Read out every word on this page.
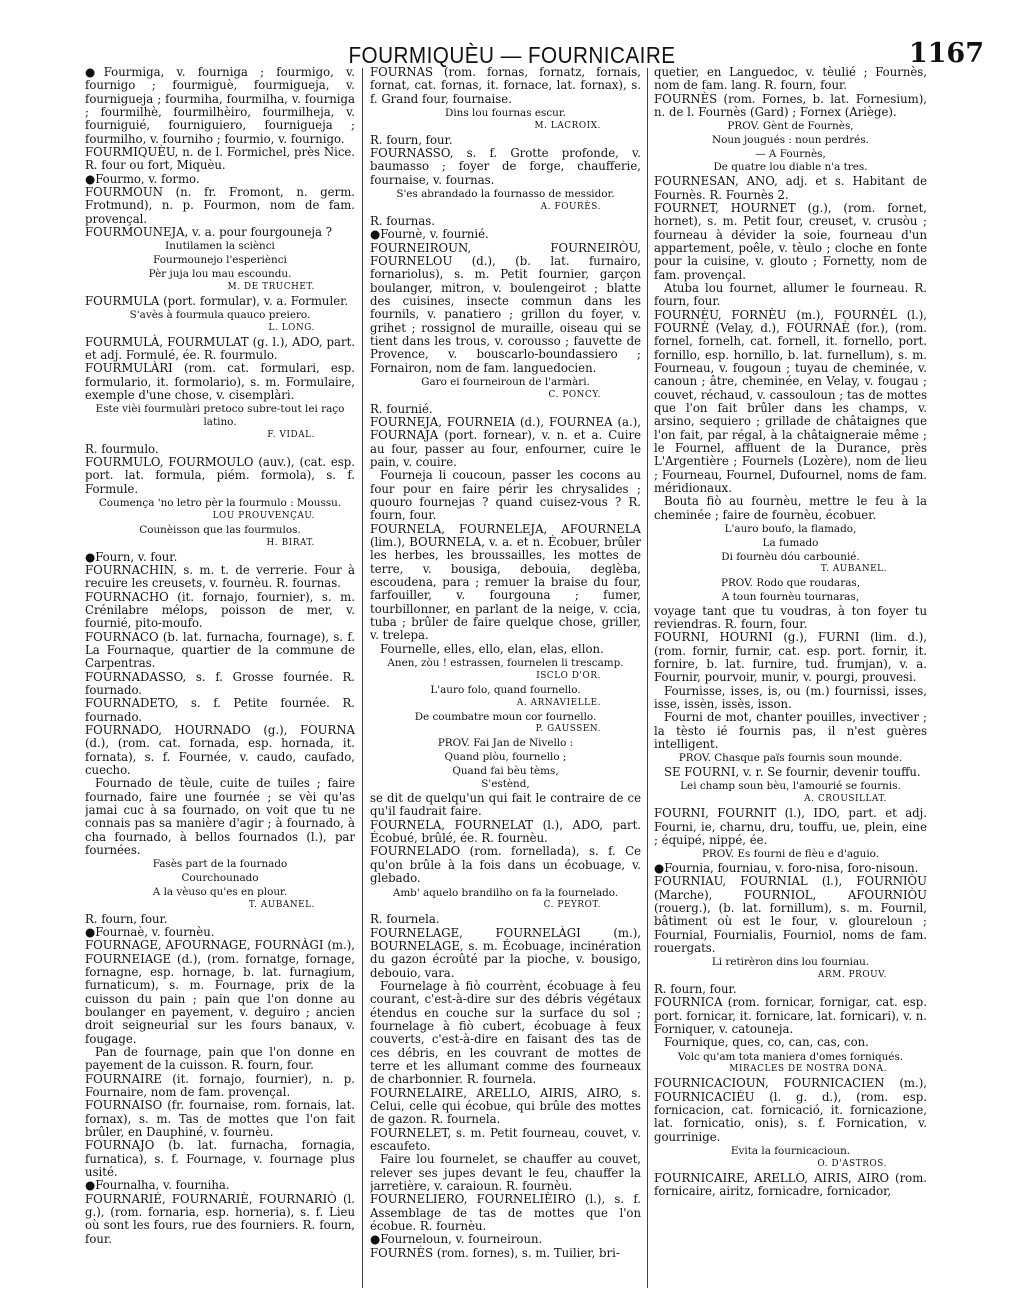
FOURMIQUÈU — FOURNICAIRE	1167
●Fourmiga, v. fourniga ; fourmigo, v. fournigo ; fourmiguè, fourmigueja, v. fournigueja ; fourmiha, fourmilha, v. fourniga ; fourmilhè, fourmilhèiro, fourmilheja, v. fourniguié, fourniguiero, fournigueja ; fourmilho, v. fourniho ; fourmio, v. fournigo.
FOURMIQUÈU, n. de l. Formichel, près Nice. R. four ou fort, Miquèu.
●Fourmo, v. formo.
FOURMOUN (n. fr. Fromont, n. germ. Frotmund), n. p. Fourmon, nom de fam. provençal.
FOURMOUNEJA, v. a. pour fourgouneja ?
Inutilamen la sciènci
Fourmounejo l'esperiènci
Pèr juja lou mau escoundu.
M. DE TRUCHET.
FOURMULA (port. formular), v. a. Formuler.
S'avès à fourmula quauco preiero.
L. LONG.
FOURMULÀ, FOURMULAT (g. l.), ADO, part. et adj. Formulé, ée. R. fourmulo.
FOURMULÀRI (rom. cat. formulari, esp. formulario, it. formolario), s. m. Formulaire, exemple d'une chose, v. cisemplàri.
Este vièi fourmulàri pretoco subre-tout lei raço latino.
F. VIDAL.
R. fourmulo.
FOURMULO, FOURMOULO (auv.), (cat. esp. port. lat. formula, piém. formola), s. f. Formule.
Coumença 'no letro pèr la fourmulo : Moussu.
LOU PROUVENÇAU.
Counèisson que las fourmulos.
H. BIRAT.
●Fourn, v. four.
FOURNACHIN, s. m. t. de verrerie. Four à recuire les creusets, v. fournèu. R. fournas.
FOURNACHO (it. fornajo, fournier), s. m. Crénilabre mélops, poisson de mer, v. fournié, pito-moufo.
FOURNACO (b. lat. furnacha, fournage), s. f. La Fournaque, quartier de la commune de Carpentras.
FOURNADASSO, s. f. Grosse fournée. R. fournado.
FOURNADETO, s. f. Petite fournée. R. fournado.
FOURNADO, HOURNADO (g.), FOURNA (d.), (rom. cat. fornada, esp. hornada, it. fornata), s. f. Fournée, v. caudo, caufado, cuecho.
Fournado de tèule, cuite de tuiles ; faire fournado, faire une fournée ; se vèi qu'as jamai cuc à sa fournado, on voit que tu ne connais pas sa manière d'agir ; à fournado, à cha fournado, à bellos fournados (l.), par fournées.
Fasès part de la fournado
Courchounado
A la vèuso qu'es en plour.
T. AUBANEL.
R. fourn, four.
●Fournaè, v. fournèu.
FOURNAGE, AFOURNAGE, FOURNÀGI (m.), FOURNEIAGE (d.), (rom. fornatge, fornage, fornagne, esp. hornage, b. lat. furnagium, furnaticum), s. m. Fournage, prix de la cuisson du pain ; pain que l'on donne au boulanger en payement, v. deguiro ; ancien droit seigneurial sur les fours banaux, v. fougage.
Pan de fournage, pain que l'on donne en payement de la cuisson. R. fourn, four.
FOURNAIRE (it. fornajo, fournier), n. p. Fournaire, nom de fam. provençal.
FOURNAISO (fr. fournaise, rom. fornais, lat. fornax), s. m. Tas de mottes que l'on fait brûler, en Dauphiné, v. fournèu.
FOURNAJO (b. lat. furnacha, fornagia, furnatica), s. f. Fournage, v. fournage plus usité.
●Fournalha, v. fourniha.
FOURNARIÉ, FOURNARIÈ, FOURNARIÒ (l. g.), (rom. fornaria, esp. horneria), s. f. Lieu où sont les fours, rue des fourniers. R. fourn, four.
FOURNAS (rom. fornas, fornatz, fornais, fornat, cat. fornas, it. fornace, lat. fornax), s. f. Grand four, fournaise.
Dins lou fournas escur.
M. LACROIX.
R. fourn, four.
FOURNASSO, s. f. Grotte profonde, v. baumasso ; foyer de forge, chaufferie, fournaise, v. fournas.
S'es abrandado la fournasso de messidor.
A. FOURÈS.
R. fournas.
●Fournè, v. fournié.
FOURNEIROUN, FOURNEIRÒU, FOURNELOU (d.), (b. lat. furnairo, fornariolus), s. m. Petit fournier, garçon boulanger, mitron, v. boulengeirot ; blatte des cuisines, insecte commun dans les fournils, v. panatiero ; grillon du foyer, v. grihet ; rossignol de muraille, oiseau qui se tient dans les trous, v. corousso ; fauvette de Provence, v. bouscarlo-boundassiero ; Fornairon, nom de fam. languedocien.
Garo ei fourneiroun de l'armàri.
C. PONCY.
R. fournié.
FOURNEJA, FOURNEIA (d.), FOURNEA (a.), FOURNAJA (port. fornear), v. n. et a. Cuire au four, passer au four, enfourner, cuire le pain, v. couire.
Fourneja li coucoun, passer les cocons au four pour en faire périr les chrysalides ; quouro fournejas ? quand cuisez-vous ? R. fourn, four.
FOURNELA, FOURNELEJA, AFOURNELA (lim.), BOURNELA, v. a. et n. Écobuer, brûler les herbes, les broussailles, les mottes de terre, v. bousiga, debouia, deglèba, escoudena, para ; remuer la braise du four, farfouiller, v. fourgouna ; fumer, tourbillonner, en parlant de la neige, v. ccia, tuba ; brûler de faire quelque chose, griller, v. trelepa.
Fournelle, elles, ello, elan, elas, ellon.
Anen, zòu ! estrassen, fournelen li trescamp.
ISCLO D'OR.
L'auro folo, quand fournello.
A. ARNAVIELLE.
De coumbatre moun cor fournello.
P. GAUSSEN.
PROV. Fai Jan de Nivello :
Quand plòu, fournello ;
Quand fai bèu tèms,
S'estènd,
se dit de quelqu'un qui fait le contraire de ce qu'il faudrait faire.
FOURNELA, FOURNELAT (l.), ADO, part. Écobué, brûlé, ée. R. fournèu.
FOURNELADO (rom. fornellada), s. f. Ce qu'on brûle à la fois dans un écobuage, v. glebado.
Amb' aquelo brandilho on fa la fournelado.
C. PEYROT.
R. fournela.
FOURNELAGE, FOURNELÀGI (m.), BOURNELAGE, s. m. Écobuage, incinération du gazon écroûté par la pioche, v. bousigo, debouio, vara.
Fournelage à fiò courrènt, écobuage à feu courant, c'est-à-dire sur des débris végétaux étendus en couche sur la surface du sol ; fournelage à fiò cubert, écobuage à feux couverts, c'est-à-dire en faisant des tas de ces débris, en les couvrant de mottes de terre et les allumant comme des fourneaux de charbonnier. R. fournela.
FOURNELAIRE, ARELLO, AIRIS, AIRO, s. Celui, celle qui écobue, qui brûle des mottes de gazon. R. fournela.
FOURNELET, s. m. Petit fourneau, couvet, v. escaufeto.
Faire lou fournelet, se chauffer au couvet, relever ses jupes devant le feu, chauffer la jarretière, v. caraioun. R. fournèu.
FOURNELIERO, FOURNELIÈIRO (l.), s. f. Assemblage de tas de mottes que l'on écobue. R. fournèu.
●Fourneloun, v. fourneiroun.
FOURNÈS (rom. fornes), s. m. Tuilier, bri-
quetier, en Languedoc, v. tèulié ; Fournès, nom de fam. lang. R. fourn, four.
FOURNÈS (rom. Fornes, b. lat. Fornesium), n. de l. Fournès (Gard) ; Fornex (Ariège).
PROV. Gènt de Fournès,
Noun jougués : noun perdrés.
— A Fournès,
De quatre lou diable n'a tres.
FOURNESAN, ANO, adj. et s. Habitant de Fournès. R. Fournès 2.
FOURNET, HOURNET (g.), (rom. fornet, hornet), s. m. Petit four, creuset, v. crusòu ; fourneau à dévider la soie, fourneau d'un appartement, poêle, v. tèulo ; cloche en fonte pour la cuisine, v. glouto ; Fornetty, nom de fam. provençal.
Atuba lou fournet, allumer le fourneau. R. fourn, four.
FOURNÈU, FORNÈU (m.), FOURNÈL (l.), FOURNÈ (Velay, d.), FOURNAÈ (for.), (rom. fornel, fornelh, cat. fornell, it. fornello, port. fornillo, esp. hornillo, b. lat. furnellum), s. m. Fourneau, v. fougoun ; tuyau de cheminée, v. canoun ; âtre, cheminée, en Velay, v. fougau ; couvet, réchaud, v. cassouloun ; tas de mottes que l'on fait brûler dans les champs, v. arsino, sequiero ; grillade de châtaignes que l'on fait, par régal, à la châtaigneraie même ; le Fournel, affluent de la Durance, près L'Argentière ; Fournels (Lozère), nom de lieu ; Fourneau, Fournel, Dufournel, noms de fam. méridionaux.
Bouta fiò au fournèu, mettre le feu à la cheminée ; faire de fournèu, écobuer.
L'auro boufo, la flamado,
La fumado
Di fournèu dóu carbounié.
T. AUBANEL.
PROV. Rodo que roudaras,
A toun fournèu tournaras,
voyage tant que tu voudras, à ton foyer tu reviendras. R. fourn, four.
FOURNI, HOURNI (g.), FURNI (lim. d.), (rom. fornir, furnir, cat. esp. port. fornir, it. fornire, b. lat. furnire, tud. frumjan), v. a. Fournir, pourvoir, munir, v. pourgi, prouvesi.
Fournisse, isses, is, ou (m.) fournissi, isses, isse, issèn, issès, isson.
Fourni de mot, chanter pouilles, invectiver ; la tèsto ié fournis pas, il n'est guères intelligent.
PROV. Chasque païs fournis soun mounde.
SE FOURNI, v. r. Se fournir, devenir touffu.
Lei champ soun bèu, l'amourié se fournis.
A. CROUSILLAT.
FOURNI, FOURNIT (l.), IDO, part. et adj. Fourni, ie, charnu, dru, touffu, ue, plein, eine ; équipé, nippé, ée.
PROV. Es fourni de flèu e d'aguio.
●Fournia, fourniau, v. foro-nisa, foro-nisoun.
FOURNIAU, FOURNIAL (l.), FOURNIÒU (Marche), FOURNIOL, AFOURNIÒU (rouerg.), (b. lat. fornillum), s. m. Fournil, bâtiment où est le four, v. gloureloun ; Fournial, Fournialis, Fourniol, noms de fam. rouergats.
Li retirèron dins lou fourniau.
ARM. PROUV.
R. fourn, four.
FOURNICA (rom. fornicar, fornigar, cat. esp. port. fornicar, it. fornicare, lat. fornicari), v. n. Forniquer, v. catouneja.
Fournique, ques, co, can, cas, con.
Volc qu'am tota maniera d'omes forniqués.
MIRACLES DE NOSTRA DONA.
FOURNICACIOUN, FOURNICACIEN (m.), FOURNICACIÉU (l. g. d.), (rom. esp. fornicacion, cat. fornicació, it. fornicazione, lat. fornicatio, onis), s. f. Fornication, v. gourrinige.
Evita la fournicacioun.
O. D'ASTROS.
FOURNICAIRE, ARELLO, AIRIS, AIRO (rom. fornicaire, airitz, fornicadre, fornicador,
